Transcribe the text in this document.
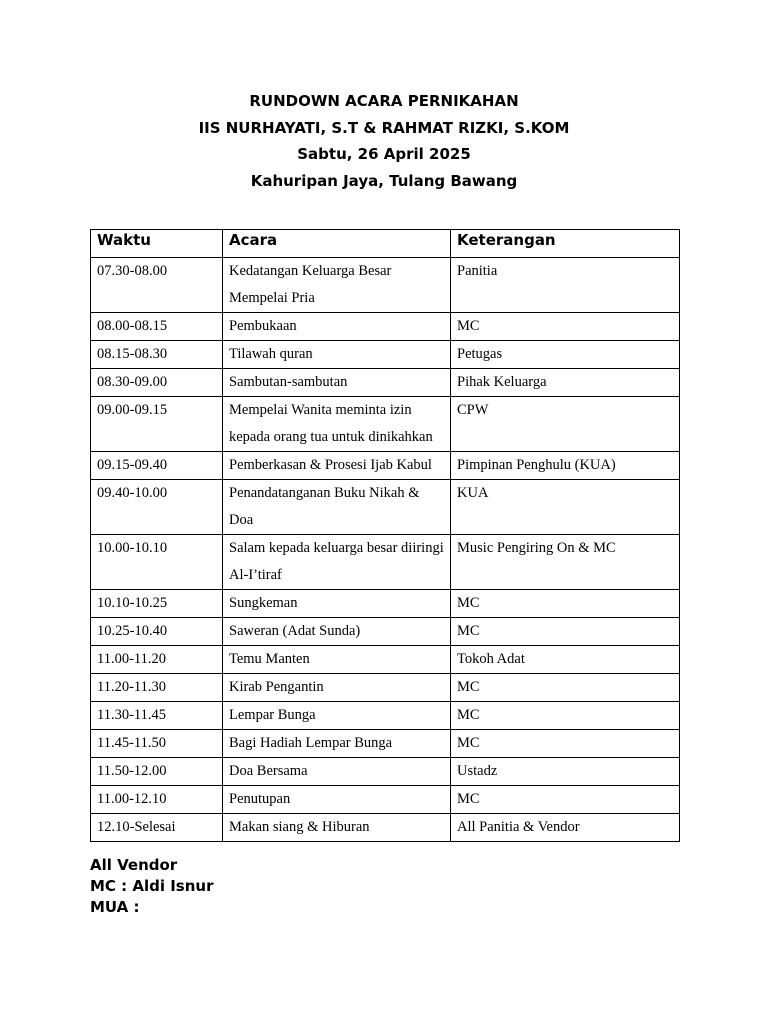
RUNDOWN ACARA PERNIKAHAN
IIS NURHAYATI, S.T & RAHMAT RIZKI, S.KOM
Sabtu, 26 April 2025
Kahuripan Jaya, Tulang Bawang
Waktu	Acara	Keterangan
07.30-08.00	Kedatangan Keluarga Besar Mempelai Pria	Panitia
08.00-08.15	Pembukaan	MC
08.15-08.30	Tilawah quran	Petugas
08.30-09.00	Sambutan-sambutan	Pihak Keluarga
09.00-09.15	Mempelai Wanita meminta izin kepada orang tua untuk dinikahkan	CPW
09.15-09.40	Pemberkasan & Prosesi Ijab Kabul	Pimpinan Penghulu (KUA)
09.40-10.00	Penandatanganan Buku Nikah & Doa	KUA
10.00-10.10	Salam kepada keluarga besar diiringi Al-I’tiraf	Music Pengiring On & MC
10.10-10.25	Sungkeman	MC
10.25-10.40	Saweran (Adat Sunda)	MC
11.00-11.20	Temu Manten	Tokoh Adat
11.20-11.30	Kirab Pengantin	MC
11.30-11.45	Lempar Bunga	MC
11.45-11.50	Bagi Hadiah Lempar Bunga	MC
11.50-12.00	Doa Bersama	Ustadz
11.00-12.10	Penutupan	MC
12.10-Selesai	Makan siang & Hiburan	All Panitia & Vendor
All Vendor
MC : Aldi Isnur
MUA :
